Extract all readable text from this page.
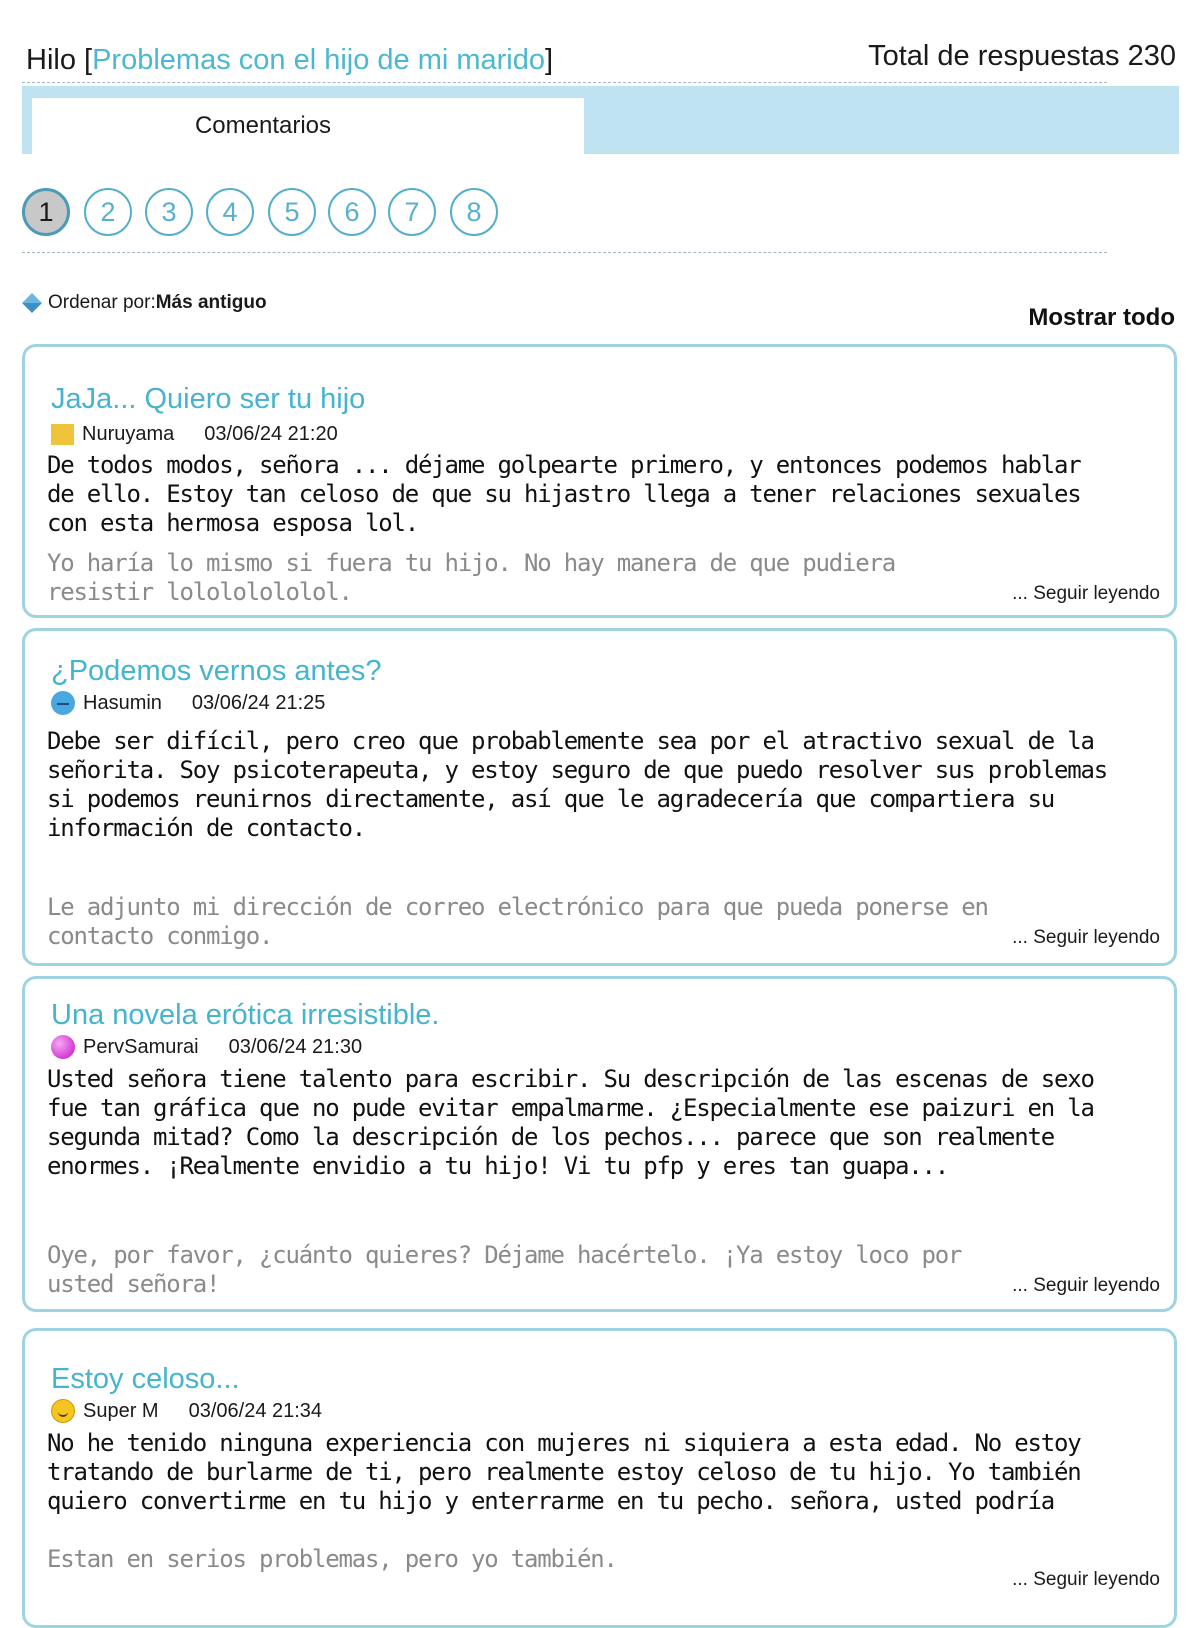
Hilo [Problemas con el hijo de mi marido]	Total de respuestas 230
Comentarios
1	2	3	4	5	6	7	8
Ordenar por: Más antiguo
Mostrar todo
JaJa... Quiero ser tu hijo
Nuruyama 03/06/24 21:20
De todos modos, señora ... déjame golpearte primero, y entonces podemos hablar de ello. Estoy tan celoso de que su hijastro llega a tener relaciones sexuales con esta hermosa esposa lol.
Yo haría lo mismo si fuera tu hijo. No hay manera de que pudiera resistir lolololololol.	... Seguir leyendo
¿Podemos vernos antes?
Hasumin 03/06/24 21:25
Debe ser difícil, pero creo que probablemente sea por el atractivo sexual de la señorita. Soy psicoterapeuta, y estoy seguro de que puedo resolver sus problemas si podemos reunirnos directamente, así que le agradecería que compartiera su información de contacto.
Le adjunto mi dirección de correo electrónico para que pueda ponerse en contacto conmigo.	... Seguir leyendo
Una novela erótica irresistible.
PervSamurai 03/06/24 21:30
Usted señora tiene talento para escribir. Su descripción de las escenas de sexo fue tan gráfica que no pude evitar empalmarme. ¿Especialmente ese paizuri en la segunda mitad? Como la descripción de los pechos... parece que son realmente enormes. ¡Realmente envidio a tu hijo! Vi tu pfp y eres tan guapa...
Oye, por favor, ¿cuánto quieres? Déjame hacértelo. ¡Ya estoy loco por usted señora!	... Seguir leyendo
Estoy celoso...
Super M 03/06/24 21:34
No he tenido ninguna experiencia con mujeres ni siquiera a esta edad. No estoy tratando de burlarme de ti, pero realmente estoy celoso de tu hijo. Yo también quiero convertirme en tu hijo y enterrarme en tu pecho. señora, usted podría
Estan en serios problemas, pero yo también.
... Seguir leyendo
